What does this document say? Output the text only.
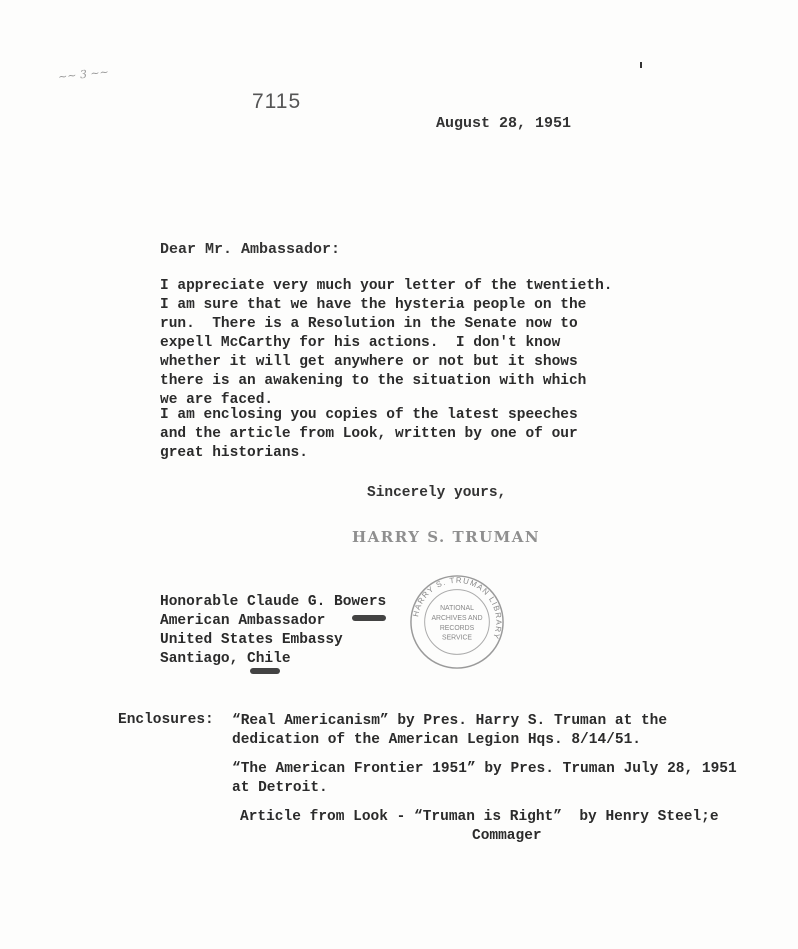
~~ 3 ~~
7115
August 28, 1951
Dear Mr. Ambassador:
I appreciate very much your letter of the twentieth.
I am sure that we have the hysteria people on the
run.  There is a Resolution in the Senate now to
expell McCarthy for his actions.  I don't know
whether it will get anywhere or not but it shows
there is an awakening to the situation with which
we are faced.
I am enclosing you copies of the latest speeches
and the article from Look, written by one of our
great historians.
Sincerely yours,
HARRY S. TRUMAN
Honorable Claude G. Bowers
American Ambassador
United States Embassy
Santiago, Chile
HARRY S. TRUMAN LIBRARY
NATIONAL
ARCHIVES AND
RECORDS
SERVICE
Enclosures: “Real Americanism” by Pres. Harry S. Truman at the
dedication of the American Legion Hqs. 8/14/51.
“The American Frontier 1951” by Pres. Truman July 28, 1951
at Detroit.
Article from Look - “Truman is Right”  by Henry Steel;e
Commager
